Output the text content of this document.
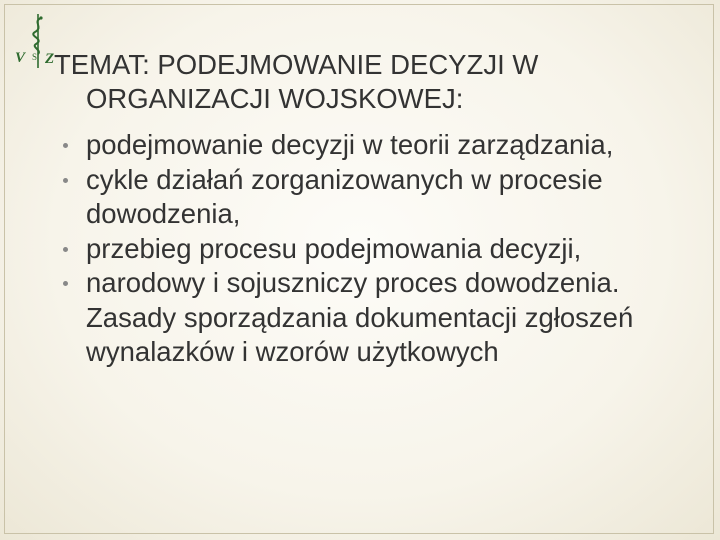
V Z
S TEMAT: PODEJMOWANIE DECYZJI W
ORGANIZACJI WOJSKOWEJ:
podejmowanie decyzji w teorii zarządzania,
cykle działań zorganizowanych w procesie dowodzenia,
przebieg procesu podejmowania decyzji,
narodowy i sojuszniczy proces dowodzenia. Zasady sporządzania dokumentacji zgłoszeń wynalazków i wzorów użytkowych
